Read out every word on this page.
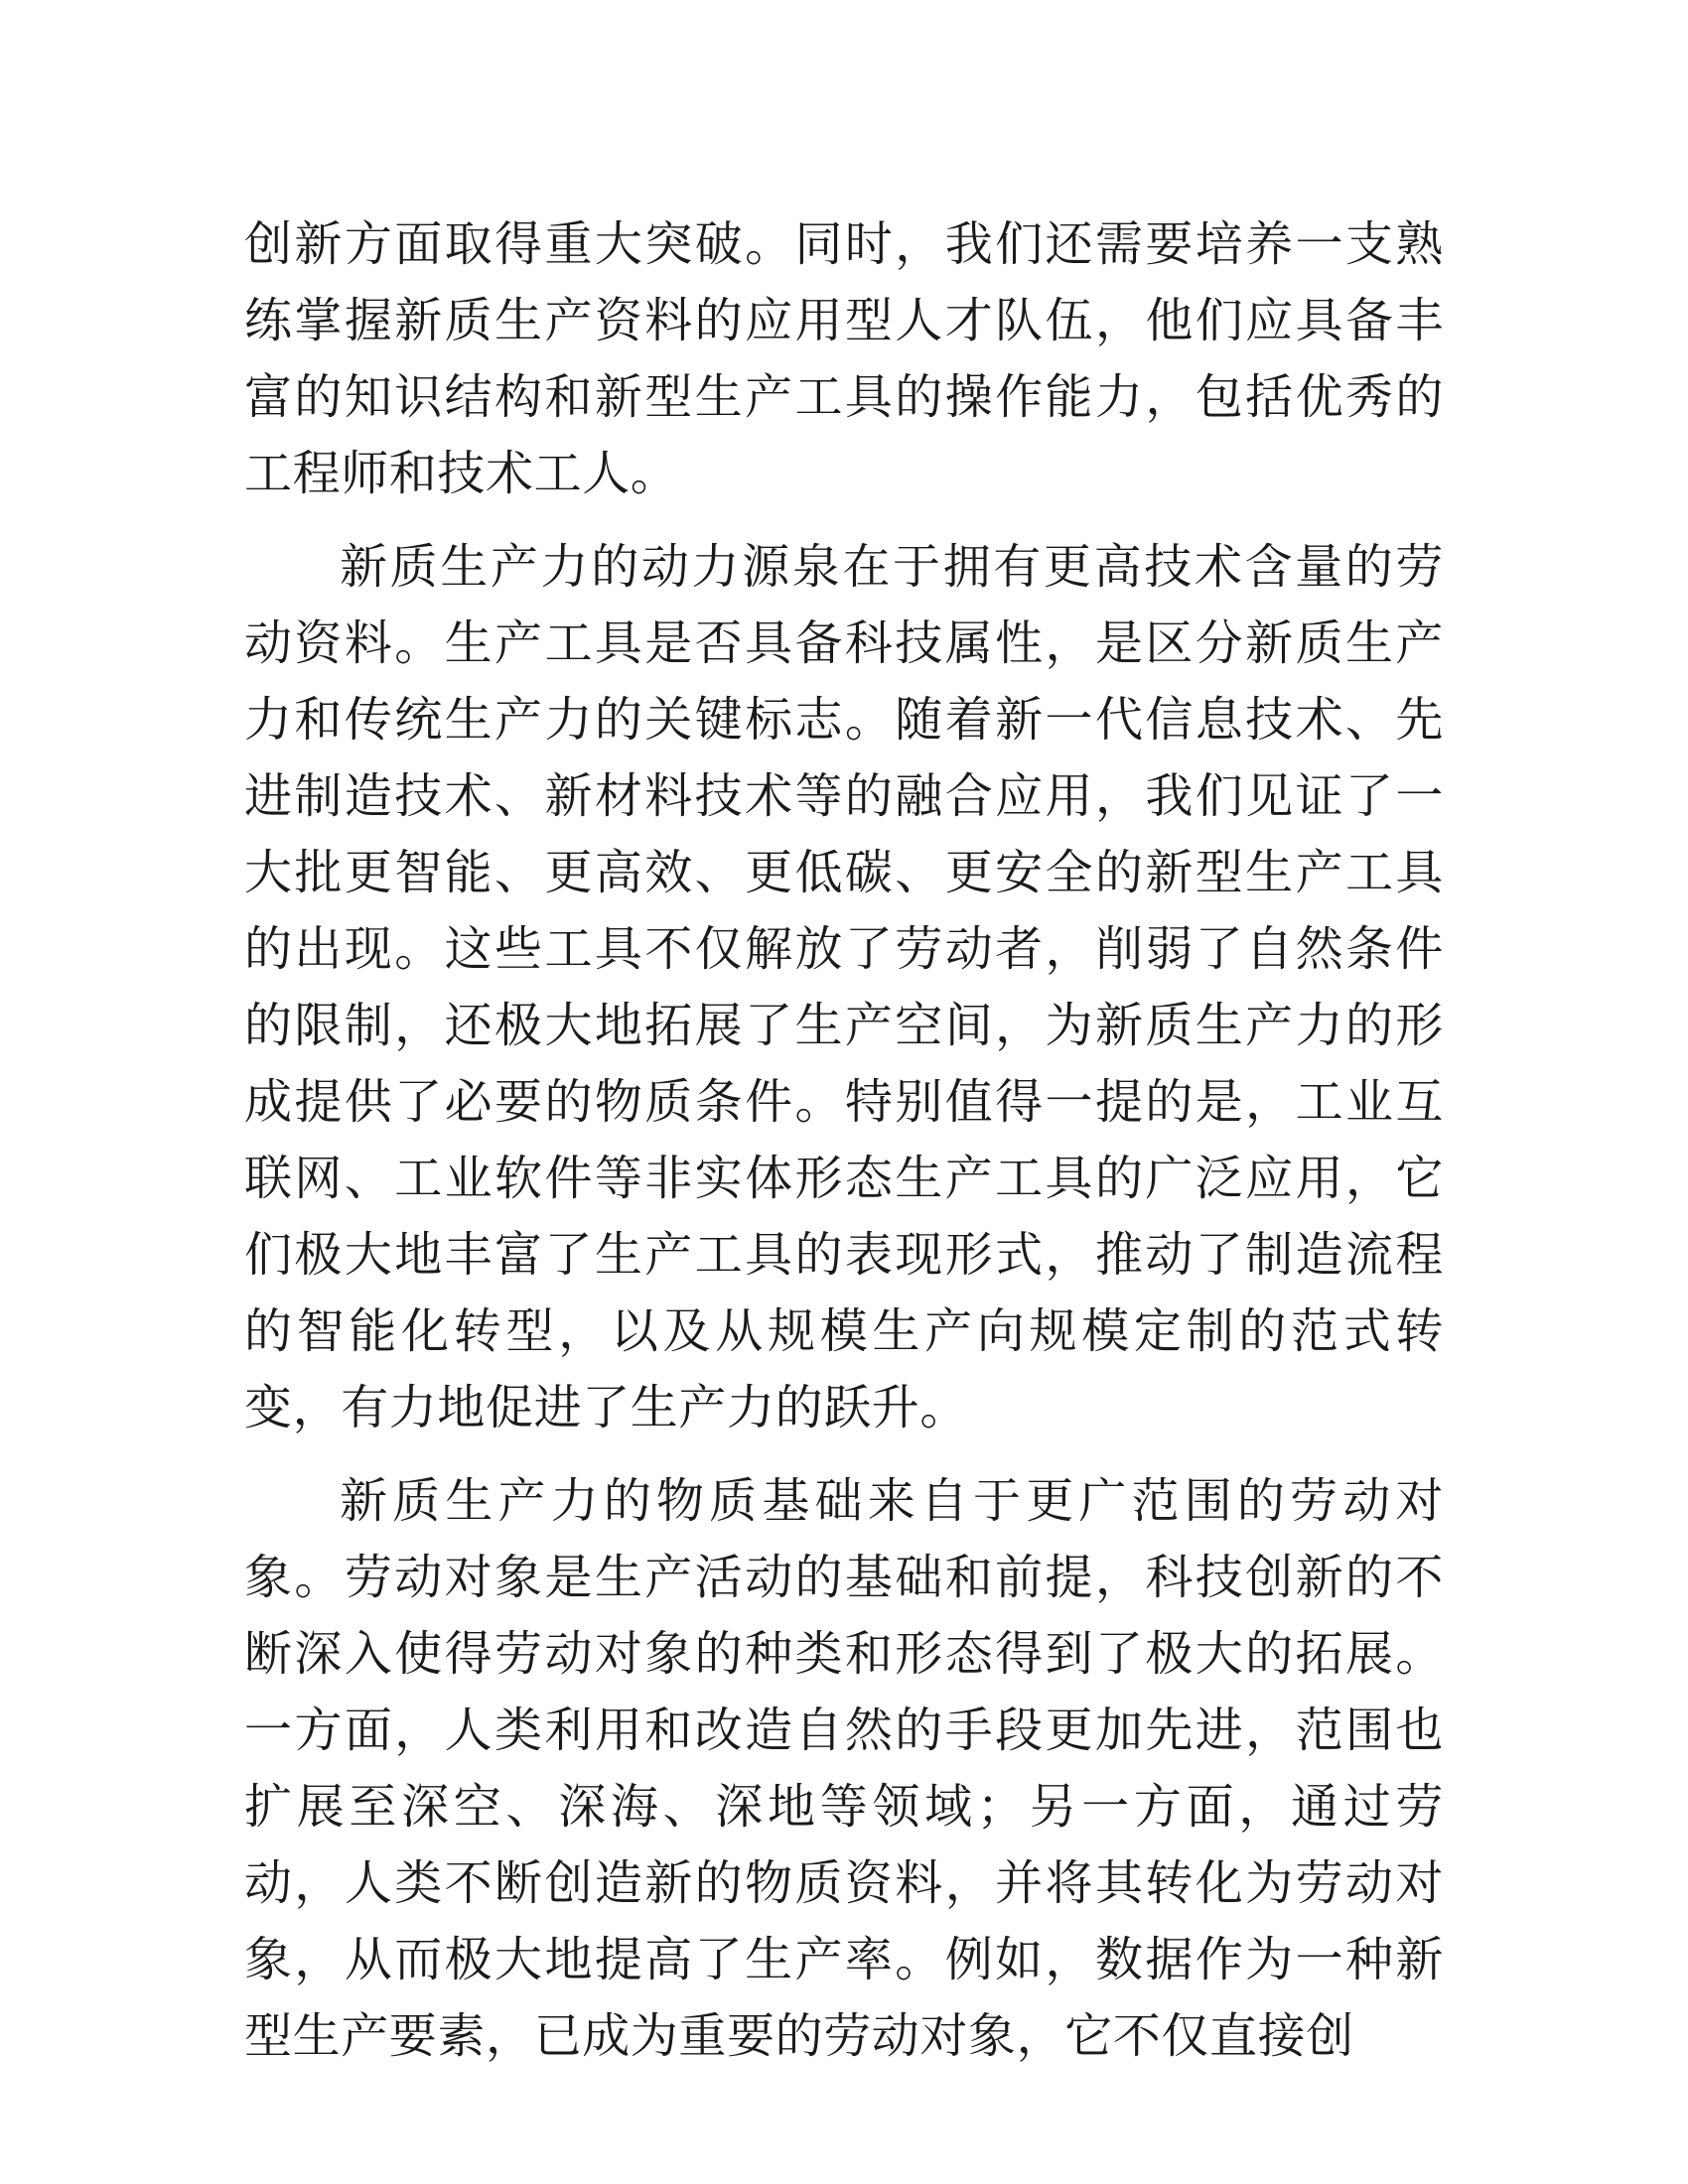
创新方面取得重大突破。同时，我们还需要培养一支熟练掌握新质生产资料的应用型人才队伍，他们应具备丰富的知识结构和新型生产工具的操作能力，包括优秀的工程师和技术工人。

新质生产力的动力源泉在于拥有更高技术含量的劳动资料。生产工具是否具备科技属性，是区分新质生产力和传统生产力的关键标志。随着新一代信息技术、先进制造技术、新材料技术等的融合应用，我们见证了一大批更智能、更高效、更低碳、更安全的新型生产工具的出现。这些工具不仅解放了劳动者，削弱了自然条件的限制，还极大地拓展了生产空间，为新质生产力的形成提供了必要的物质条件。特别值得一提的是，工业互联网、工业软件等非实体形态生产工具的广泛应用，它们极大地丰富了生产工具的表现形式，推动了制造流程的智能化转型，以及从规模生产向规模定制的范式转变，有力地促进了生产力的跃升。

新质生产力的物质基础来自于更广范围的劳动对象。劳动对象是生产活动的基础和前提，科技创新的不断深入使得劳动对象的种类和形态得到了极大的拓展。一方面，人类利用和改造自然的手段更加先进，范围也扩展至深空、深海、深地等领域；另一方面，通过劳动，人类不断创造新的物质资料，并将其转化为劳动对象，从而极大地提高了生产率。例如，数据作为一种新型生产要素，已成为重要的劳动对象，它不仅直接创
